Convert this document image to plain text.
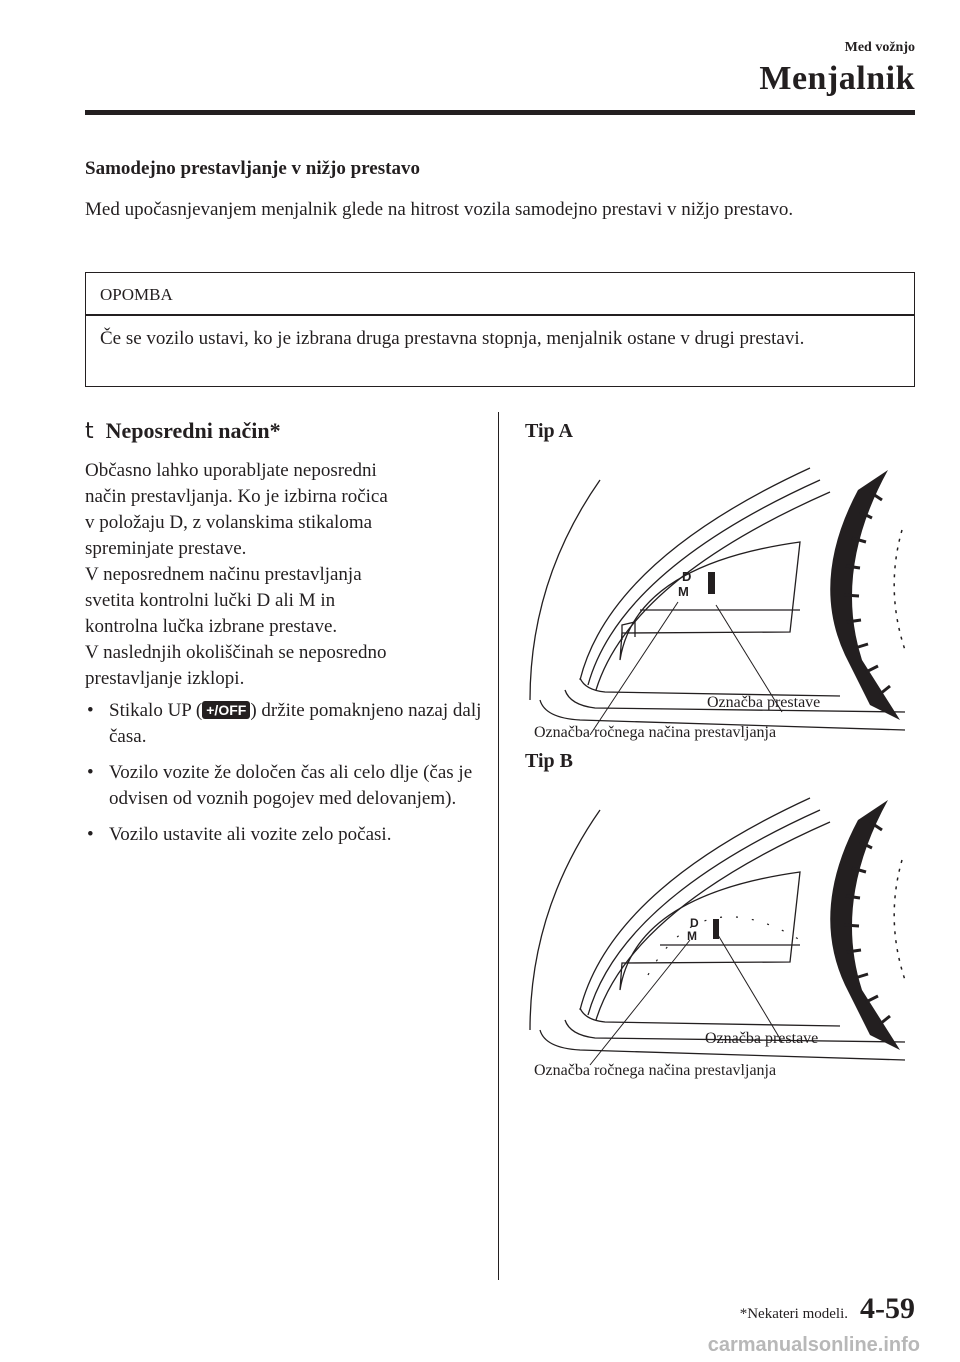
Med vožnjo
Menjalnik
Samodejno prestavljanje v nižjo prestavo
Med upočasnjevanjem menjalnik glede na hitrost vozila samodejno prestavi v nižjo prestavo.
OPOMBA
Če se vozilo ustavi, ko je izbrana druga prestavna stopnja, menjalnik ostane v drugi prestavi.
t Neposredni način*
Občasno lahko uporabljate neposredni
način prestavljanja. Ko je izbirna ročica
v položaju D, z volanskima stikaloma
spreminjate prestave.
V neposrednem načinu prestavljanja
svetita kontrolni lučki D ali M in
kontrolna lučka izbrane prestave.
V naslednjih okoliščinah se neposredno
prestavljanje izklopi.
• Stikalo UP ( +/OFF ) držite pomaknjeno nazaj dalj časa.
• Vozilo vozite že določen čas ali celo dlje (čas je odvisen od voznih pogojev med delovanjem).
• Vozilo ustavite ali vozite zelo počasi.
Tip A
D
M
Označba prestave
Označba ročnega načina prestavljanja
Tip B
D
M
Označba prestave
Označba ročnega načina prestavljanja
*Nekateri modeli. 4-59
carmanualsonline.info
